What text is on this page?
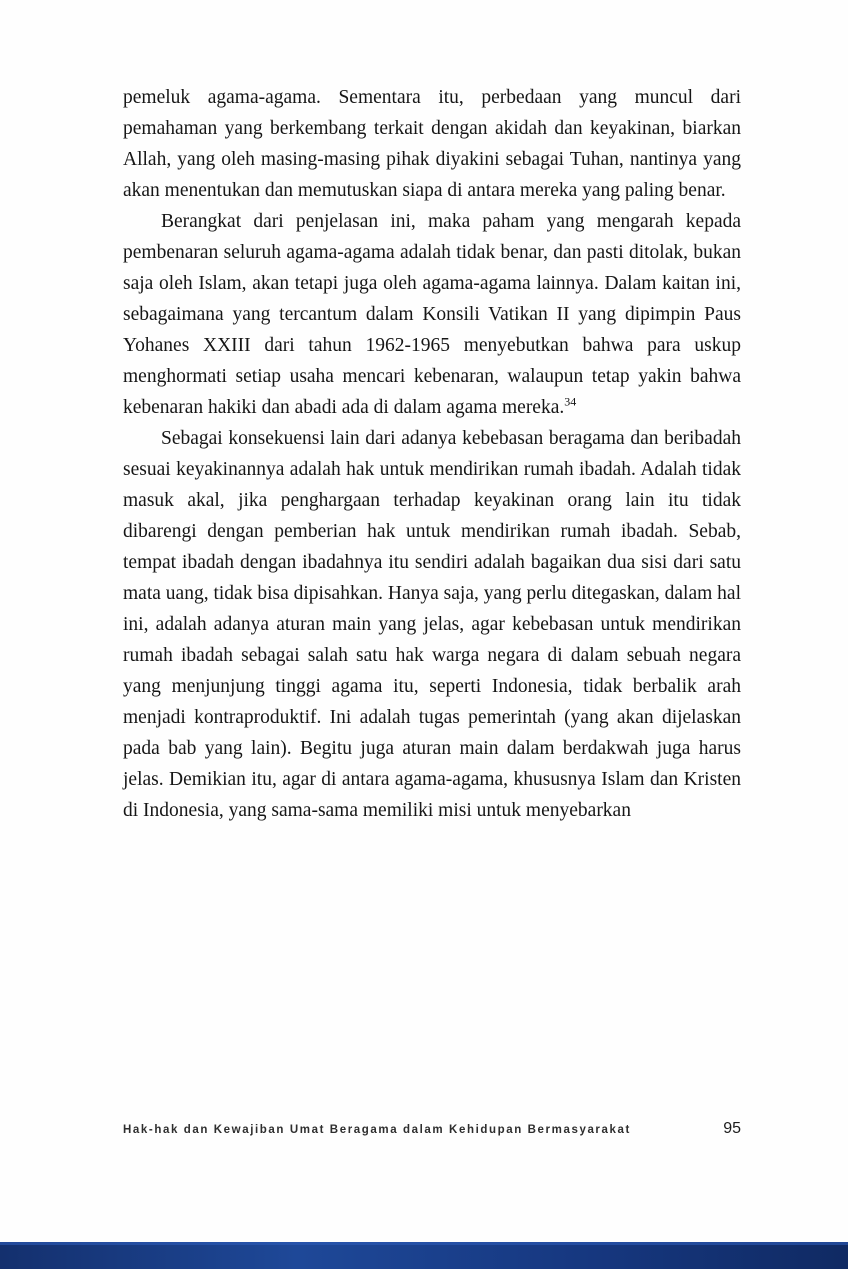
pemeluk agama-agama. Sementara itu, perbedaan yang muncul dari pemahaman yang berkembang terkait dengan akidah dan keyakinan, biarkan Allah, yang oleh masing-masing pihak diyakini sebagai Tuhan, nantinya yang akan menentukan dan memutuskan siapa di antara mereka yang paling benar.

Berangkat dari penjelasan ini, maka paham yang mengarah kepada pembenaran seluruh agama-agama adalah tidak benar, dan pasti ditolak, bukan saja oleh Islam, akan tetapi juga oleh agama-agama lainnya. Dalam kaitan ini, sebagaimana yang tercantum dalam Konsili Vatikan II yang dipimpin Paus Yohanes XXIII dari tahun 1962-1965 menyebutkan bahwa para uskup menghormati setiap usaha mencari kebenaran, walaupun tetap yakin bahwa kebenaran hakiki dan abadi ada di dalam agama mereka.$^{34}$

Sebagai konsekuensi lain dari adanya kebebasan beragama dan beribadah sesuai keyakinannya adalah hak untuk mendirikan rumah ibadah. Adalah tidak masuk akal, jika penghargaan terhadap keyakinan orang lain itu tidak dibarengi dengan pemberian hak untuk mendirikan rumah ibadah. Sebab, tempat ibadah dengan ibadahnya itu sendiri adalah bagaikan dua sisi dari satu mata uang, tidak bisa dipisahkan. Hanya saja, yang perlu ditegaskan, dalam hal ini, adalah adanya aturan main yang jelas, agar kebebasan untuk mendirikan rumah ibadah sebagai salah satu hak warga negara di dalam sebuah negara yang menjunjung tinggi agama itu, seperti Indonesia, tidak berbalik arah menjadi kontraproduktif. Ini adalah tugas pemerintah (yang akan dijelaskan pada bab yang lain). Begitu juga aturan main dalam berdakwah juga harus jelas. Demikian itu, agar di antara agama-agama, khususnya Islam dan Kristen di Indonesia, yang sama-sama memiliki misi untuk menyebarkan

Hak-hak dan Kewajiban Umat Beragama dalam Kehidupan Bermasyarakat	95
